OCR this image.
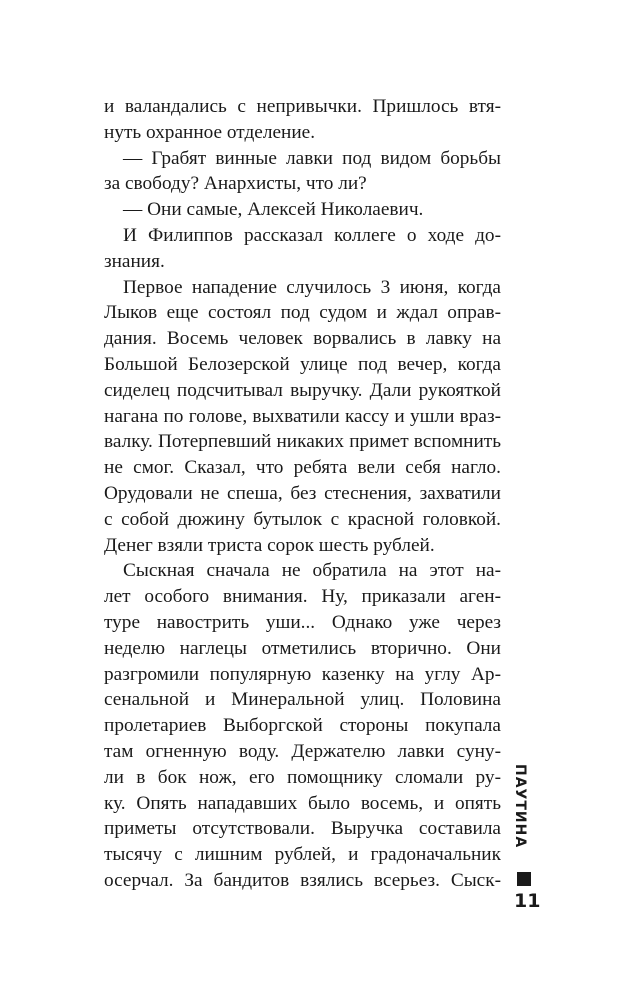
и валандались с непривычки. Пришлось втя-
нуть охранное отделение.
— Грабят винные лавки под видом борьбы
за свободу? Анархисты, что ли?
— Они самые, Алексей Николаевич.
И Филиппов рассказал коллеге о ходе до-
знания.
Первое нападение случилось 3 июня, когда
Лыков еще состоял под судом и ждал оправ-
дания. Восемь человек ворвались в лавку на
Большой Белозерской улице под вечер, когда
сиделец подсчитывал выручку. Дали рукояткой
нагана по голове, выхватили кассу и ушли враз-
валку. Потерпевший никаких примет вспомнить
не смог. Сказал, что ребята вели себя нагло.
Орудовали не спеша, без стеснения, захватили
с собой дюжину бутылок с красной головкой.
Денег взяли триста сорок шесть рублей.
Сыскная сначала не обратила на этот на-
лет особого внимания. Ну, приказали аген-
туре навострить уши... Однако уже через
неделю наглецы отметились вторично. Они
разгромили популярную казенку на углу Ар-
сенальной и Минеральной улиц. Половина
пролетариев Выборгской стороны покупала
там огненную воду. Держателю лавки суну-
ли в бок нож, его помощнику сломали ру-
ку. Опять нападавших было восемь, и опять
приметы отсутствовали. Выручка составила
тысячу с лишним рублей, и градоначальник
осерчал. За бандитов взялись всерьез. Сыск-
ПАУТИНА
11
